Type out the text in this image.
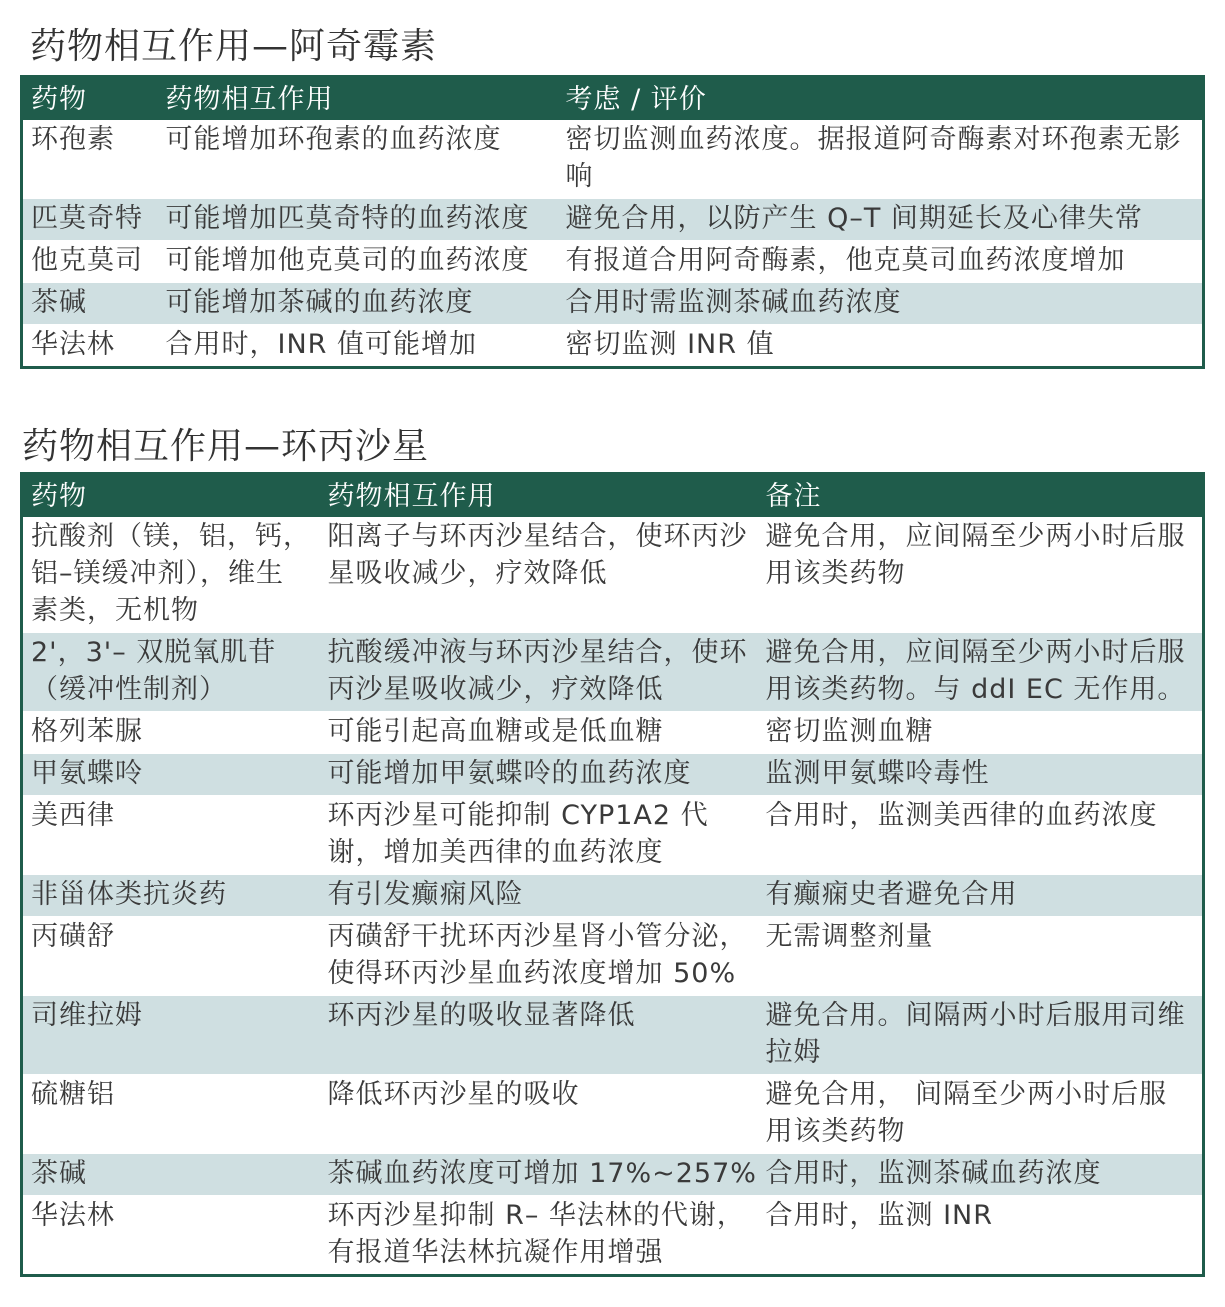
药物相互作用—阿奇霉素
药物	药物相互作用	考虑 / 评价
环孢素	可能增加环孢素的血药浓度	密切监测血药浓度。据报道阿奇酶素对环孢素无影响
匹莫奇特	可能增加匹莫奇特的血药浓度	避免合用，以防产生 Q–T 间期延长及心律失常
他克莫司	可能增加他克莫司的血药浓度	有报道合用阿奇酶素，他克莫司血药浓度增加
茶碱	可能增加茶碱的血药浓度	合用时需监测茶碱血药浓度
华法林	合用时，INR 值可能增加	密切监测 INR 值
药物相互作用—环丙沙星
药物	药物相互作用	备注
抗酸剂（镁，铝，钙，铝–镁缓冲剂），维生素类，无机物	阳离子与环丙沙星结合，使环丙沙星吸收减少，疗效降低	避免合用，应间隔至少两小时后服用该类药物
2'，3'– 双脱氧肌苷（缓冲性制剂）	抗酸缓冲液与环丙沙星结合，使环丙沙星吸收减少，疗效降低	避免合用，应间隔至少两小时后服用该类药物。与 ddI EC 无作用。
格列苯脲	可能引起高血糖或是低血糖	密切监测血糖
甲氨蝶呤	可能增加甲氨蝶呤的血药浓度	监测甲氨蝶呤毒性
美西律	环丙沙星可能抑制 CYP1A2 代谢，增加美西律的血药浓度	合用时，监测美西律的血药浓度
非甾体类抗炎药	有引发癫痫风险	有癫痫史者避免合用
丙磺舒	丙磺舒干扰环丙沙星肾小管分泌，使得环丙沙星血药浓度增加 50%	无需调整剂量
司维拉姆	环丙沙星的吸收显著降低	避免合用。间隔两小时后服用司维拉姆
硫糖铝	降低环丙沙星的吸收	避免合用， 间隔至少两小时后服用该类药物
茶碱	茶碱血药浓度可增加 17%~257%	合用时，监测茶碱血药浓度
华法林	环丙沙星抑制 R– 华法林的代谢，有报道华法林抗凝作用增强	合用时，监测 INR
